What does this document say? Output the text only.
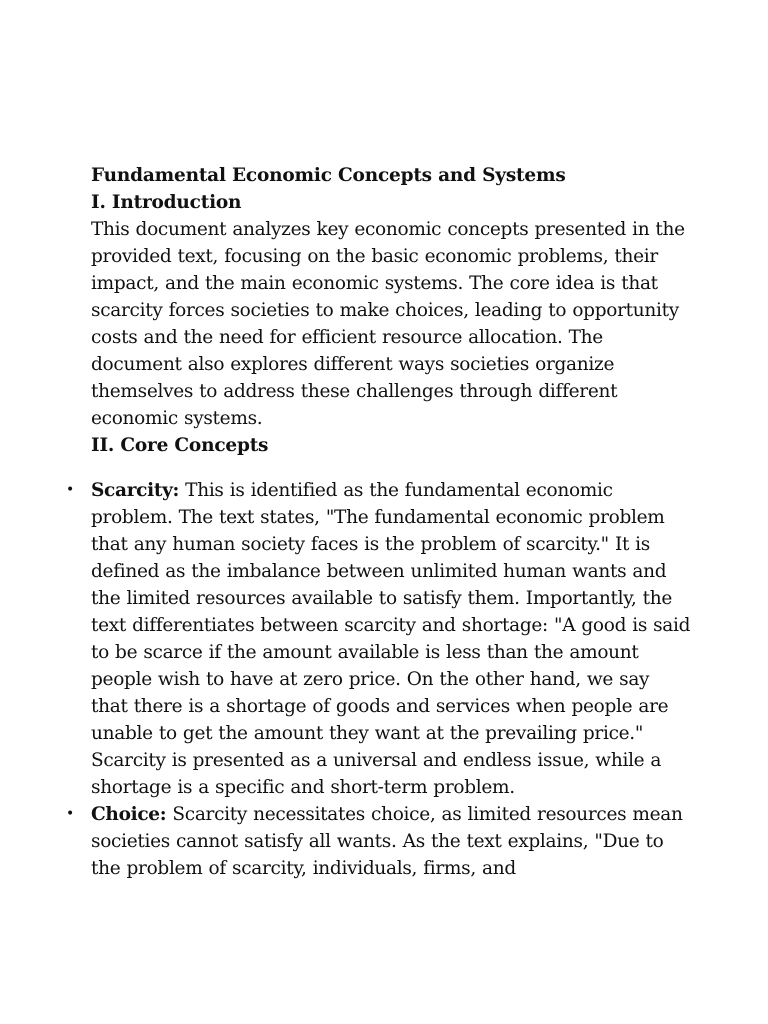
Fundamental Economic Concepts and Systems

I. Introduction

This document analyzes key economic concepts presented in the provided text, focusing on the basic economic problems, their impact, and the main economic systems. The core idea is that scarcity forces societies to make choices, leading to opportunity costs and the need for efficient resource allocation. The document also explores different ways societies organize themselves to address these challenges through different economic systems.

II. Core Concepts

• Scarcity: This is identified as the fundamental economic problem. The text states, "The fundamental economic problem that any human society faces is the problem of scarcity." It is defined as the imbalance between unlimited human wants and the limited resources available to satisfy them. Importantly, the text differentiates between scarcity and shortage: "A good is said to be scarce if the amount available is less than the amount people wish to have at zero price. On the other hand, we say that there is a shortage of goods and services when people are unable to get the amount they want at the prevailing price." Scarcity is presented as a universal and endless issue, while a shortage is a specific and short-term problem.
• Choice: Scarcity necessitates choice, as limited resources mean societies cannot satisfy all wants. As the text explains, "Due to the problem of scarcity, individuals, firms, and
